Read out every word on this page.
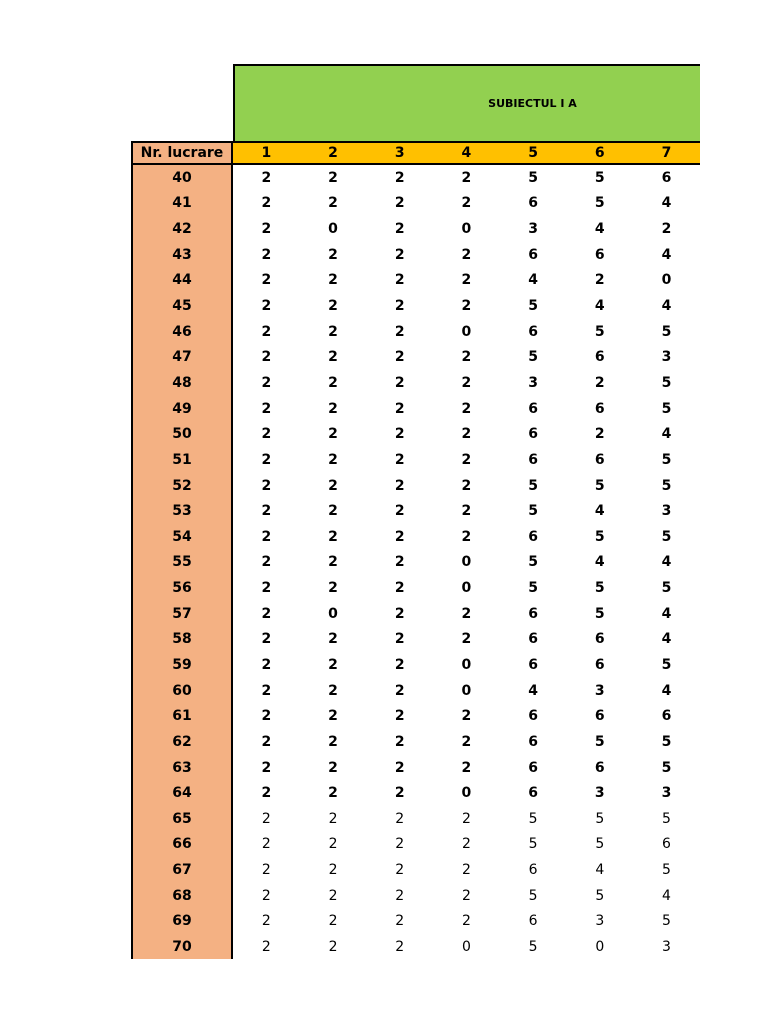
SUBIECTUL I A
Nr. lucrare	1	2	3	4	5	6	7
40	2	2	2	2	5	5	6
41	2	2	2	2	6	5	4
42	2	0	2	0	3	4	2
43	2	2	2	2	6	6	4
44	2	2	2	2	4	2	0
45	2	2	2	2	5	4	4
46	2	2	2	0	6	5	5
47	2	2	2	2	5	6	3
48	2	2	2	2	3	2	5
49	2	2	2	2	6	6	5
50	2	2	2	2	6	2	4
51	2	2	2	2	6	6	5
52	2	2	2	2	5	5	5
53	2	2	2	2	5	4	3
54	2	2	2	2	6	5	5
55	2	2	2	0	5	4	4
56	2	2	2	0	5	5	5
57	2	0	2	2	6	5	4
58	2	2	2	2	6	6	4
59	2	2	2	0	6	6	5
60	2	2	2	0	4	3	4
61	2	2	2	2	6	6	6
62	2	2	2	2	6	5	5
63	2	2	2	2	6	6	5
64	2	2	2	0	6	3	3
65	2	2	2	2	5	5	5
66	2	2	2	2	5	5	6
67	2	2	2	2	6	4	5
68	2	2	2	2	5	5	4
69	2	2	2	2	6	3	5
70	2	2	2	0	5	0	3
